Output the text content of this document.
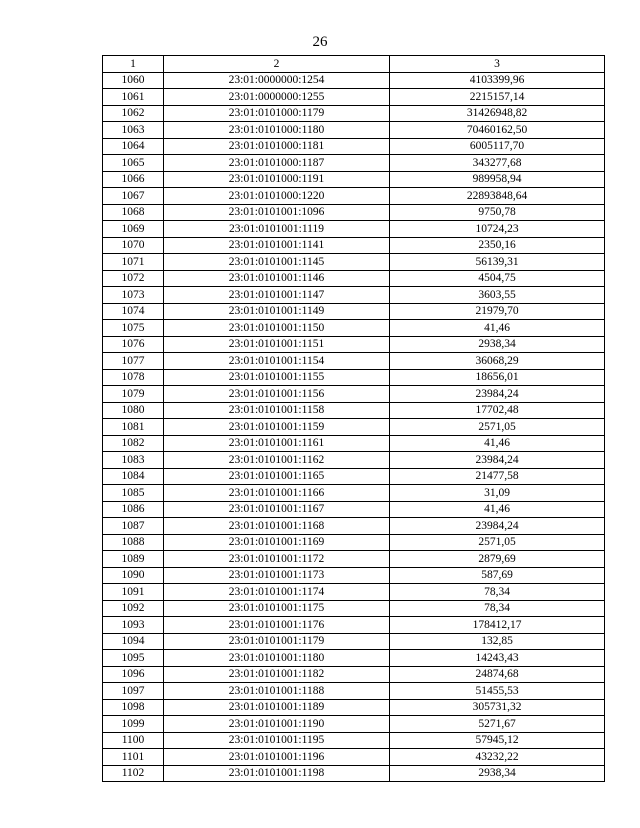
26
1	2	3
1060	23:01:0000000:1254	4103399,96
1061	23:01:0000000:1255	2215157,14
1062	23:01:0101000:1179	31426948,82
1063	23:01:0101000:1180	70460162,50
1064	23:01:0101000:1181	6005117,70
1065	23:01:0101000:1187	343277,68
1066	23:01:0101000:1191	989958,94
1067	23:01:0101000:1220	22893848,64
1068	23:01:0101001:1096	9750,78
1069	23:01:0101001:1119	10724,23
1070	23:01:0101001:1141	2350,16
1071	23:01:0101001:1145	56139,31
1072	23:01:0101001:1146	4504,75
1073	23:01:0101001:1147	3603,55
1074	23:01:0101001:1149	21979,70
1075	23:01:0101001:1150	41,46
1076	23:01:0101001:1151	2938,34
1077	23:01:0101001:1154	36068,29
1078	23:01:0101001:1155	18656,01
1079	23:01:0101001:1156	23984,24
1080	23:01:0101001:1158	17702,48
1081	23:01:0101001:1159	2571,05
1082	23:01:0101001:1161	41,46
1083	23:01:0101001:1162	23984,24
1084	23:01:0101001:1165	21477,58
1085	23:01:0101001:1166	31,09
1086	23:01:0101001:1167	41,46
1087	23:01:0101001:1168	23984,24
1088	23:01:0101001:1169	2571,05
1089	23:01:0101001:1172	2879,69
1090	23:01:0101001:1173	587,69
1091	23:01:0101001:1174	78,34
1092	23:01:0101001:1175	78,34
1093	23:01:0101001:1176	178412,17
1094	23:01:0101001:1179	132,85
1095	23:01:0101001:1180	14243,43
1096	23:01:0101001:1182	24874,68
1097	23:01:0101001:1188	51455,53
1098	23:01:0101001:1189	305731,32
1099	23:01:0101001:1190	5271,67
1100	23:01:0101001:1195	57945,12
1101	23:01:0101001:1196	43232,22
1102	23:01:0101001:1198	2938,34
